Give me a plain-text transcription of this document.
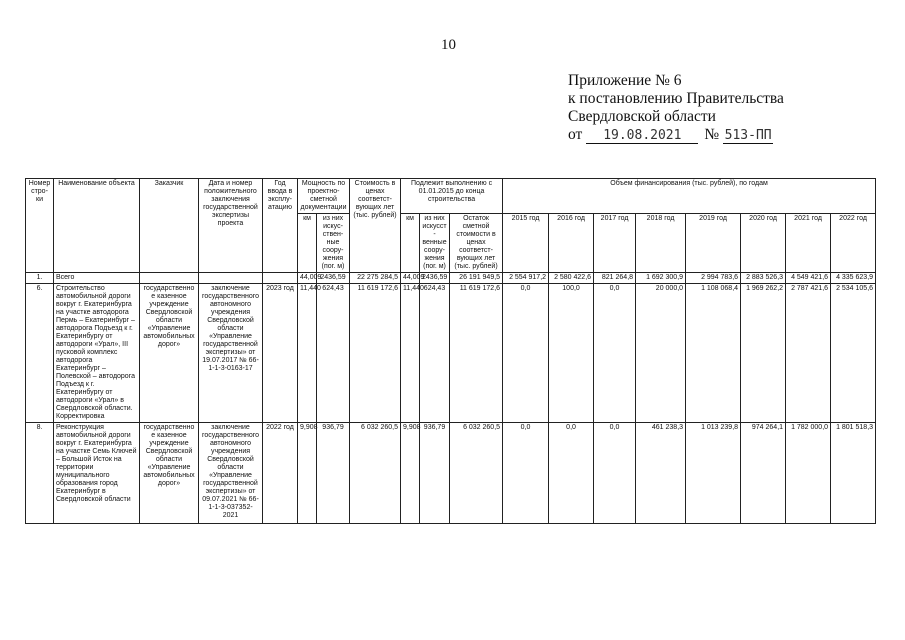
10
Приложение № 6
к постановлению Правительства
Свердловской области
от 19.08.2021 № 513-ПП
Номер стро- ки	Наименование объекта	Заказчик	Дата и номер положительного заключения государственной экспертизы проекта	Год ввода в эксплу- атацию	Мощность по проектно- сметной документации		Стоимость в ценах соответст- вующих лет (тыс. рублей)	Подлежит выполнению с 01.01.2015 до конца строительства			Объем финансирования (тыс. рублей), по годам							
					км	из них искус- ствен- ные соору- жения (пог. м)		км	из них искусст- венные соору- жения (пог. м)	Остаток сметной стоимости в ценах соответст- вующих лет (тыс. рублей)	2015 год	2016 год	2017 год	2018 год	2019 год	2020 год	2021 год	2022 год
1.	Всего				44,009	2436,59	22 275 284,5	44,009	2436,59	26 191 949,5	2 554 917,2	2 580 422,6	821 264,8	1 692 300,9	2 994 783,6	2 883 526,3	4 549 421,6	4 335 623,9
6.	Строительство автомобильной дороги вокруг г. Екатеринбурга на участке автодорога Пермь – Екатеринбург – автодорога Подъезд к г. Екатеринбургу от автодороги «Урал», III пусковой комплекс автодорога Екатеринбург – Полевской – автодорога Подъезд к г. Екатеринбургу от автодороги «Урал» в Свердловской области. Корректировка	государственное казенное учреждение Свердловской области «Управление автомобильных дорог»	заключение государственного автономного учреждения Свердловской области «Управление государственной экспертизы» от 19.07.2017 № 66-1-1-3-0163-17	2023 год	11,440	624,43	11 619 172,6	11,440	624,43	11 619 172,6	0,0	100,0	0,0	20 000,0	1 108 068,4	1 969 262,2	2 787 421,6	2 534 105,6
8.	Реконструкция автомобильной дороги вокруг г. Екатеринбурга на участке Семь Ключей – Большой Исток на территории муниципального образования город Екатеринбург в Свердловской области	государственное казенное учреждение Свердловской области «Управление автомобильных дорог»	заключение государственного автономного учреждения Свердловской области «Управление государственной экспертизы» от 09.07.2021 № 66-1-1-3-037352-2021	2022 год	9,908	936,79	6 032 260,5	9,908	936,79	6 032 260,5	0,0	0,0	0,0	461 238,3	1 013 239,8	974 264,1	1 782 000,0	1 801 518,3
